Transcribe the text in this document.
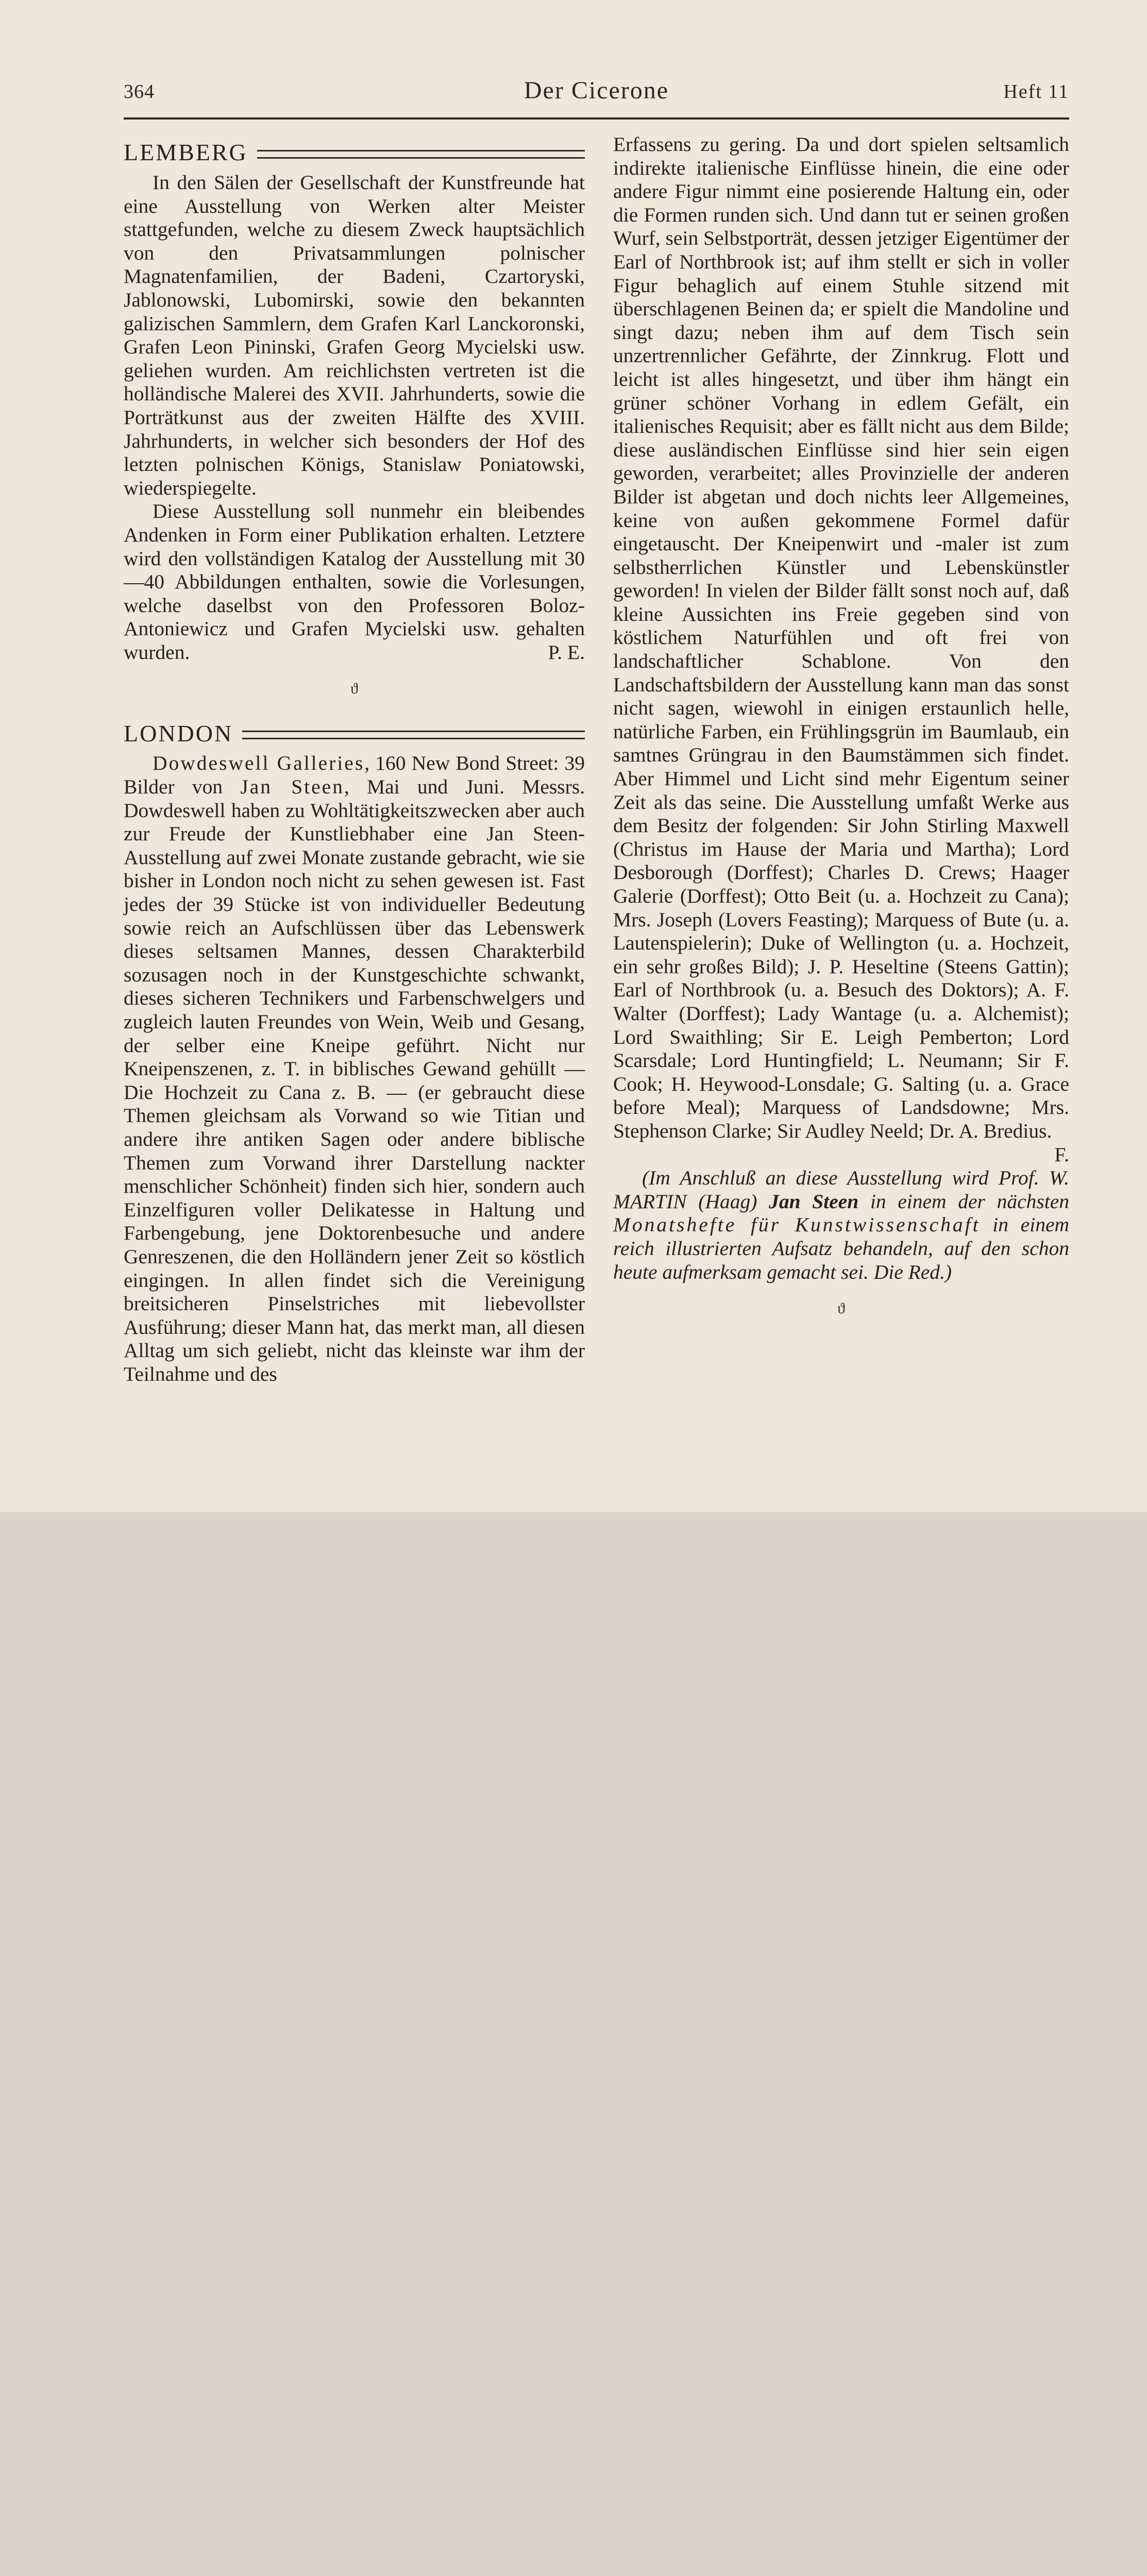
364	Der Cicerone	Heft 11
LEMBERG

In den Sälen der Gesellschaft der Kunstfreunde hat eine Ausstellung von Werken alter Meister stattgefunden, welche zu diesem Zweck hauptsächlich von den Privatsammlungen polnischer Magnatenfamilien, der Badeni, Czartoryski, Jablonowski, Lubomirski, sowie den bekannten galizischen Sammlern, dem Grafen Karl Lanckoronski, Grafen Leon Pininski, Grafen Georg Mycielski usw. geliehen wurden. Am reichlichsten vertreten ist die holländische Malerei des XVII. Jahrhunderts, sowie die Porträtkunst aus der zweiten Hälfte des XVIII. Jahrhunderts, in welcher sich besonders der Hof des letzten polnischen Königs, Stanislaw Poniatowski, wiederspiegelte.

Diese Ausstellung soll nunmehr ein bleibendes Andenken in Form einer Publikation erhalten. Letztere wird den vollständigen Katalog der Ausstellung mit 30—40 Abbildungen enthalten, sowie die Vorlesungen, welche daselbst von den Professoren Boloz-Antoniewicz und Grafen Mycielski usw. gehalten wurden.	P. E.

ϑ
LONDON

Dowdeswell Galleries, 160 New Bond Street: 39 Bilder von Jan Steen, Mai und Juni. Messrs. Dowdeswell haben zu Wohltätigkeitszwecken aber auch zur Freude der Kunstliebhaber eine Jan Steen-Ausstellung auf zwei Monate zustande gebracht, wie sie bisher in London noch nicht zu sehen gewesen ist. Fast jedes der 39 Stücke ist von individueller Bedeutung sowie reich an Aufschlüssen über das Lebenswerk dieses seltsamen Mannes, dessen Charakterbild sozusagen noch in der Kunstgeschichte schwankt, dieses sicheren Technikers und Farbenschwelgers und zugleich lauten Freundes von Wein, Weib und Gesang, der selber eine Kneipe geführt. Nicht nur Kneipenszenen, z. T. in biblisches Gewand gehüllt — Die Hochzeit zu Cana z. B. — (er gebraucht diese Themen gleichsam als Vorwand so wie Titian und andere ihre antiken Sagen oder andere biblische Themen zum Vorwand ihrer Darstellung nackter menschlicher Schönheit) finden sich hier, sondern auch Einzelfiguren voller Delikatesse in Haltung und Farbengebung, jene Doktorenbesuche und andere Genreszenen, die den Holländern jener Zeit so köstlich eingingen. In allen findet sich die Vereinigung breitsicheren Pinselstriches mit liebevollster Ausführung; dieser Mann hat, das merkt man, all diesen Alltag um sich geliebt, nicht das kleinste war ihm der Teilnahme und des

Erfassens zu gering. Da und dort spielen seltsamlich indirekte italienische Einflüsse hinein, die eine oder andere Figur nimmt eine posierende Haltung ein, oder die Formen runden sich. Und dann tut er seinen großen Wurf, sein Selbstporträt, dessen jetziger Eigentümer der Earl of Northbrook ist; auf ihm stellt er sich in voller Figur behaglich auf einem Stuhle sitzend mit überschlagenen Beinen da; er spielt die Mandoline und singt dazu; neben ihm auf dem Tisch sein unzertrennlicher Gefährte, der Zinnkrug. Flott und leicht ist alles hingesetzt, und über ihm hängt ein grüner schöner Vorhang in edlem Gefält, ein italienisches Requisit; aber es fällt nicht aus dem Bilde; diese ausländischen Einflüsse sind hier sein eigen geworden, verarbeitet; alles Provinzielle der anderen Bilder ist abgetan und doch nichts leer Allgemeines, keine von außen gekommene Formel dafür eingetauscht. Der Kneipenwirt und -maler ist zum selbstherrlichen Künstler und Lebenskünstler geworden! In vielen der Bilder fällt sonst noch auf, daß kleine Aussichten ins Freie gegeben sind von köstlichem Naturfühlen und oft frei von landschaftlicher Schablone. Von den Landschaftsbildern der Ausstellung kann man das sonst nicht sagen, wiewohl in einigen erstaunlich helle, natürliche Farben, ein Frühlingsgrün im Baumlaub, ein samtnes Grüngrau in den Baumstämmen sich findet. Aber Himmel und Licht sind mehr Eigentum seiner Zeit als das seine. Die Ausstellung umfaßt Werke aus dem Besitz der folgenden: Sir John Stirling Maxwell (Christus im Hause der Maria und Martha); Lord Desborough (Dorffest); Charles D. Crews; Haager Galerie (Dorffest); Otto Beit (u. a. Hochzeit zu Cana); Mrs. Joseph (Lovers Feasting); Marquess of Bute (u. a. Lautenspielerin); Duke of Wellington (u. a. Hochzeit, ein sehr großes Bild); J. P. Heseltine (Steens Gattin); Earl of Northbrook (u. a. Besuch des Doktors); A. F. Walter (Dorffest); Lady Wantage (u. a. Alchemist); Lord Swaithling; Sir E. Leigh Pemberton; Lord Scarsdale; Lord Huntingfield; L. Neumann; Sir F. Cook; H. Heywood-Lonsdale; G. Salting (u. a. Grace before Meal); Marquess of Landsdowne; Mrs. Stephenson Clarke; Sir Audley Neeld; Dr. A. Bredius.

F.

(Im Anschluß an diese Ausstellung wird Prof. W. MARTIN (Haag) Jan Steen in einem der nächsten Monatshefte für Kunstwissenschaft in einem reich illustrierten Aufsatz behandeln, auf den schon heute aufmerksam gemacht sei. Die Red.)

ϑ
